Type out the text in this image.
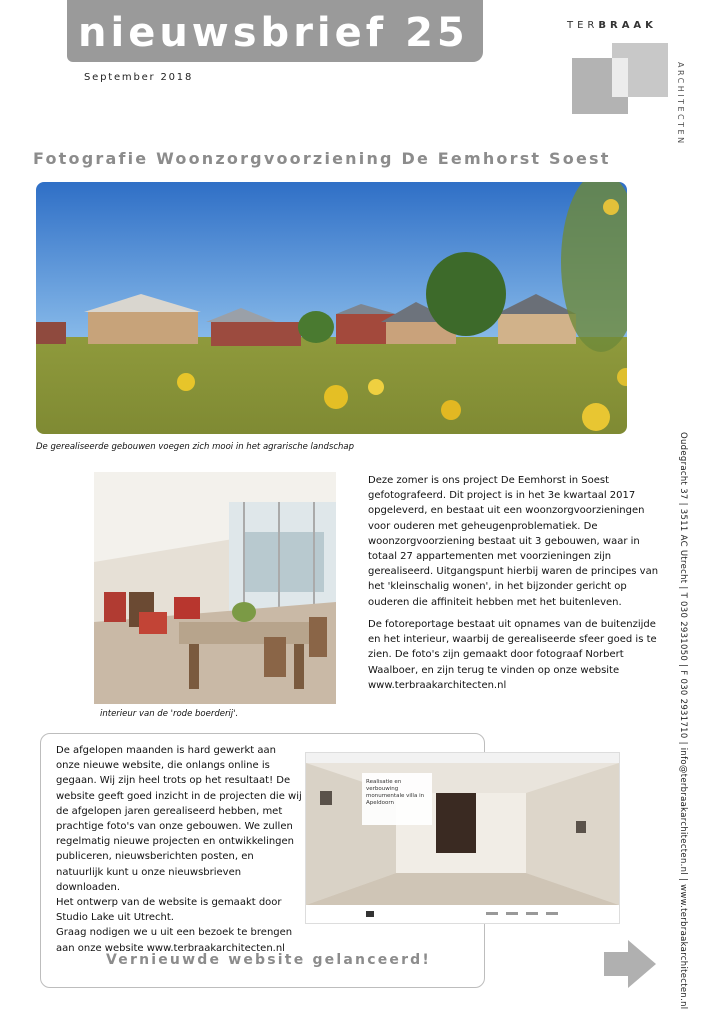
nieuwsbrief 25
September 2018
TERBRAAK
ARCHITECTEN
Fotografie Woonzorgvoorziening De Eemhorst Soest
De gerealiseerde gebouwen voegen zich mooi in het agrarische landschap
interieur van de 'rode boerderij'.
Deze zomer is ons project De Eemhorst in Soest gefotografeerd. Dit project is in het 3e kwartaal 2017 opgeleverd, en bestaat uit een woonzorgvoorzieningen voor ouderen met geheugenproblematiek. De woonzorgvoorziening bestaat uit 3 gebouwen, waar in totaal 27 appartementen met voorzieningen zijn gerealiseerd. Uitgangspunt hierbij waren de principes van het 'kleinschalig wonen', in het bijzonder gericht op ouderen die affiniteit hebben met het buitenleven.
De fotoreportage bestaat uit opnames van de buitenzijde en het interieur, waarbij de gerealiseerde sfeer goed is te zien. De foto's zijn gemaakt door fotograaf Norbert Waalboer, en zijn terug te vinden op onze website www.terbraakarchitecten.nl
De afgelopen maanden is hard gewerkt aan onze nieuwe website, die onlangs online is gegaan. Wij zijn heel trots op het resultaat! De website geeft goed inzicht in de projecten die wij de afgelopen jaren gerealiseerd hebben, met prachtige foto's van onze gebouwen. We zullen regelmatig nieuwe projecten en ontwikkelingen publiceren, nieuwsberichten posten, en natuurlijk kunt u onze nieuwsbrieven downloaden.
Het ontwerp van de website is gemaakt door Studio Lake uit Utrecht.
Graag nodigen we u uit een bezoek te brengen aan onze website www.terbraakarchitecten.nl
Vernieuwde website gelanceerd!
Realisatie en
verbouwing
monumentale villa in
Apeldoorn	Oudegracht 37 | 3511 AC Utrecht | T 030 2931050 | F 030 2931710 | info@terbraakarchitecten.nl | www.terbraakarchitecten.nl
